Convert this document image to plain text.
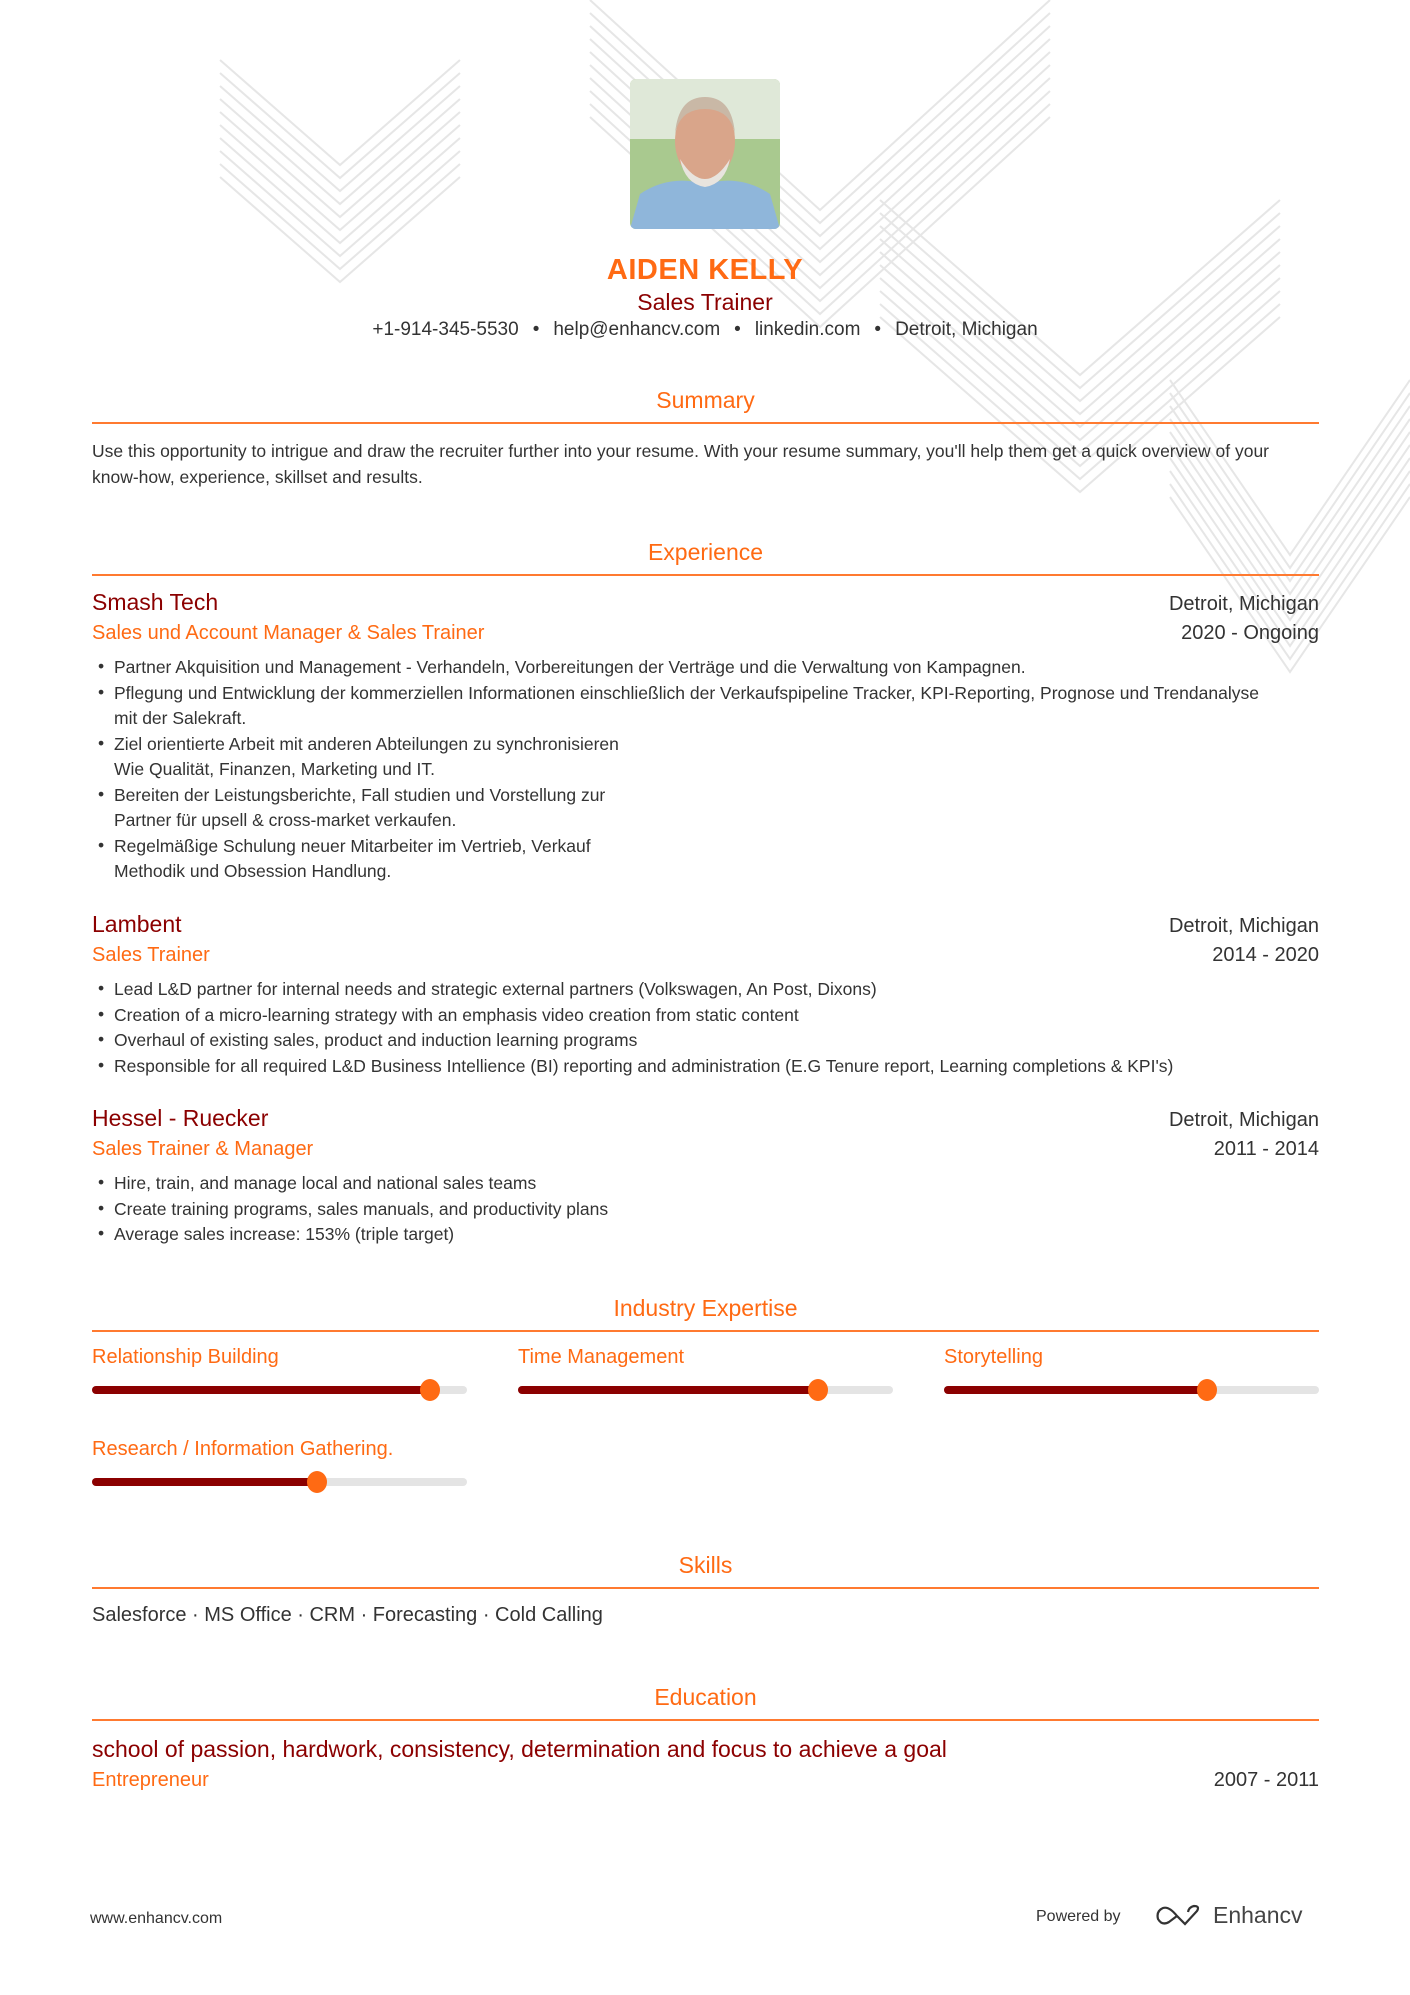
AIDEN KELLY
Sales Trainer
+1-914-345-5530 • help@enhancv.com • linkedin.com • Detroit, Michigan
Summary
Use this opportunity to intrigue and draw the recruiter further into your resume. With your resume summary, you'll help them get a quick overview of your know-how, experience, skillset and results.
Experience
Smash Tech	Detroit, Michigan
Sales und Account Manager & Sales Trainer	2020 - Ongoing
• Partner Akquisition und Management - Verhandeln, Vorbereitungen der Verträge und die Verwaltung von Kampagnen.
• Pflegung und Entwicklung der kommerziellen Informationen einschließlich der Verkaufspipeline Tracker, KPI-Reporting, Prognose und Trendanalyse mit der Salekraft.
• Ziel orientierte Arbeit mit anderen Abteilungen zu synchronisieren
Wie Qualität, Finanzen, Marketing und IT.
• Bereiten der Leistungsberichte, Fall studien und Vorstellung zur
Partner für upsell & cross-market verkaufen.
• Regelmäßige Schulung neuer Mitarbeiter im Vertrieb, Verkauf
Methodik und Obsession Handlung.
Lambent	Detroit, Michigan
Sales Trainer	2014 - 2020
• Lead L&D partner for internal needs and strategic external partners (Volkswagen, An Post, Dixons)
• Creation of a micro-learning strategy with an emphasis video creation from static content
• Overhaul of existing sales, product and induction learning programs
• Responsible for all required L&D Business Intellience (BI) reporting and administration (E.G Tenure report, Learning completions & KPI's)
Hessel - Ruecker	Detroit, Michigan
Sales Trainer & Manager	2011 - 2014
• Hire, train, and manage local and national sales teams
• Create training programs, sales manuals, and productivity plans
• Average sales increase: 153% (triple target)
Industry Expertise
Relationship Building	Time Management	Storytelling
Research / Information Gathering.
Skills
Salesforce · MS Office · CRM · Forecasting · Cold Calling
Education
school of passion, hardwork, consistency, determination and focus to achieve a goal
Entrepreneur	2007 - 2011
www.enhancv.com	Powered by	Enhancv
